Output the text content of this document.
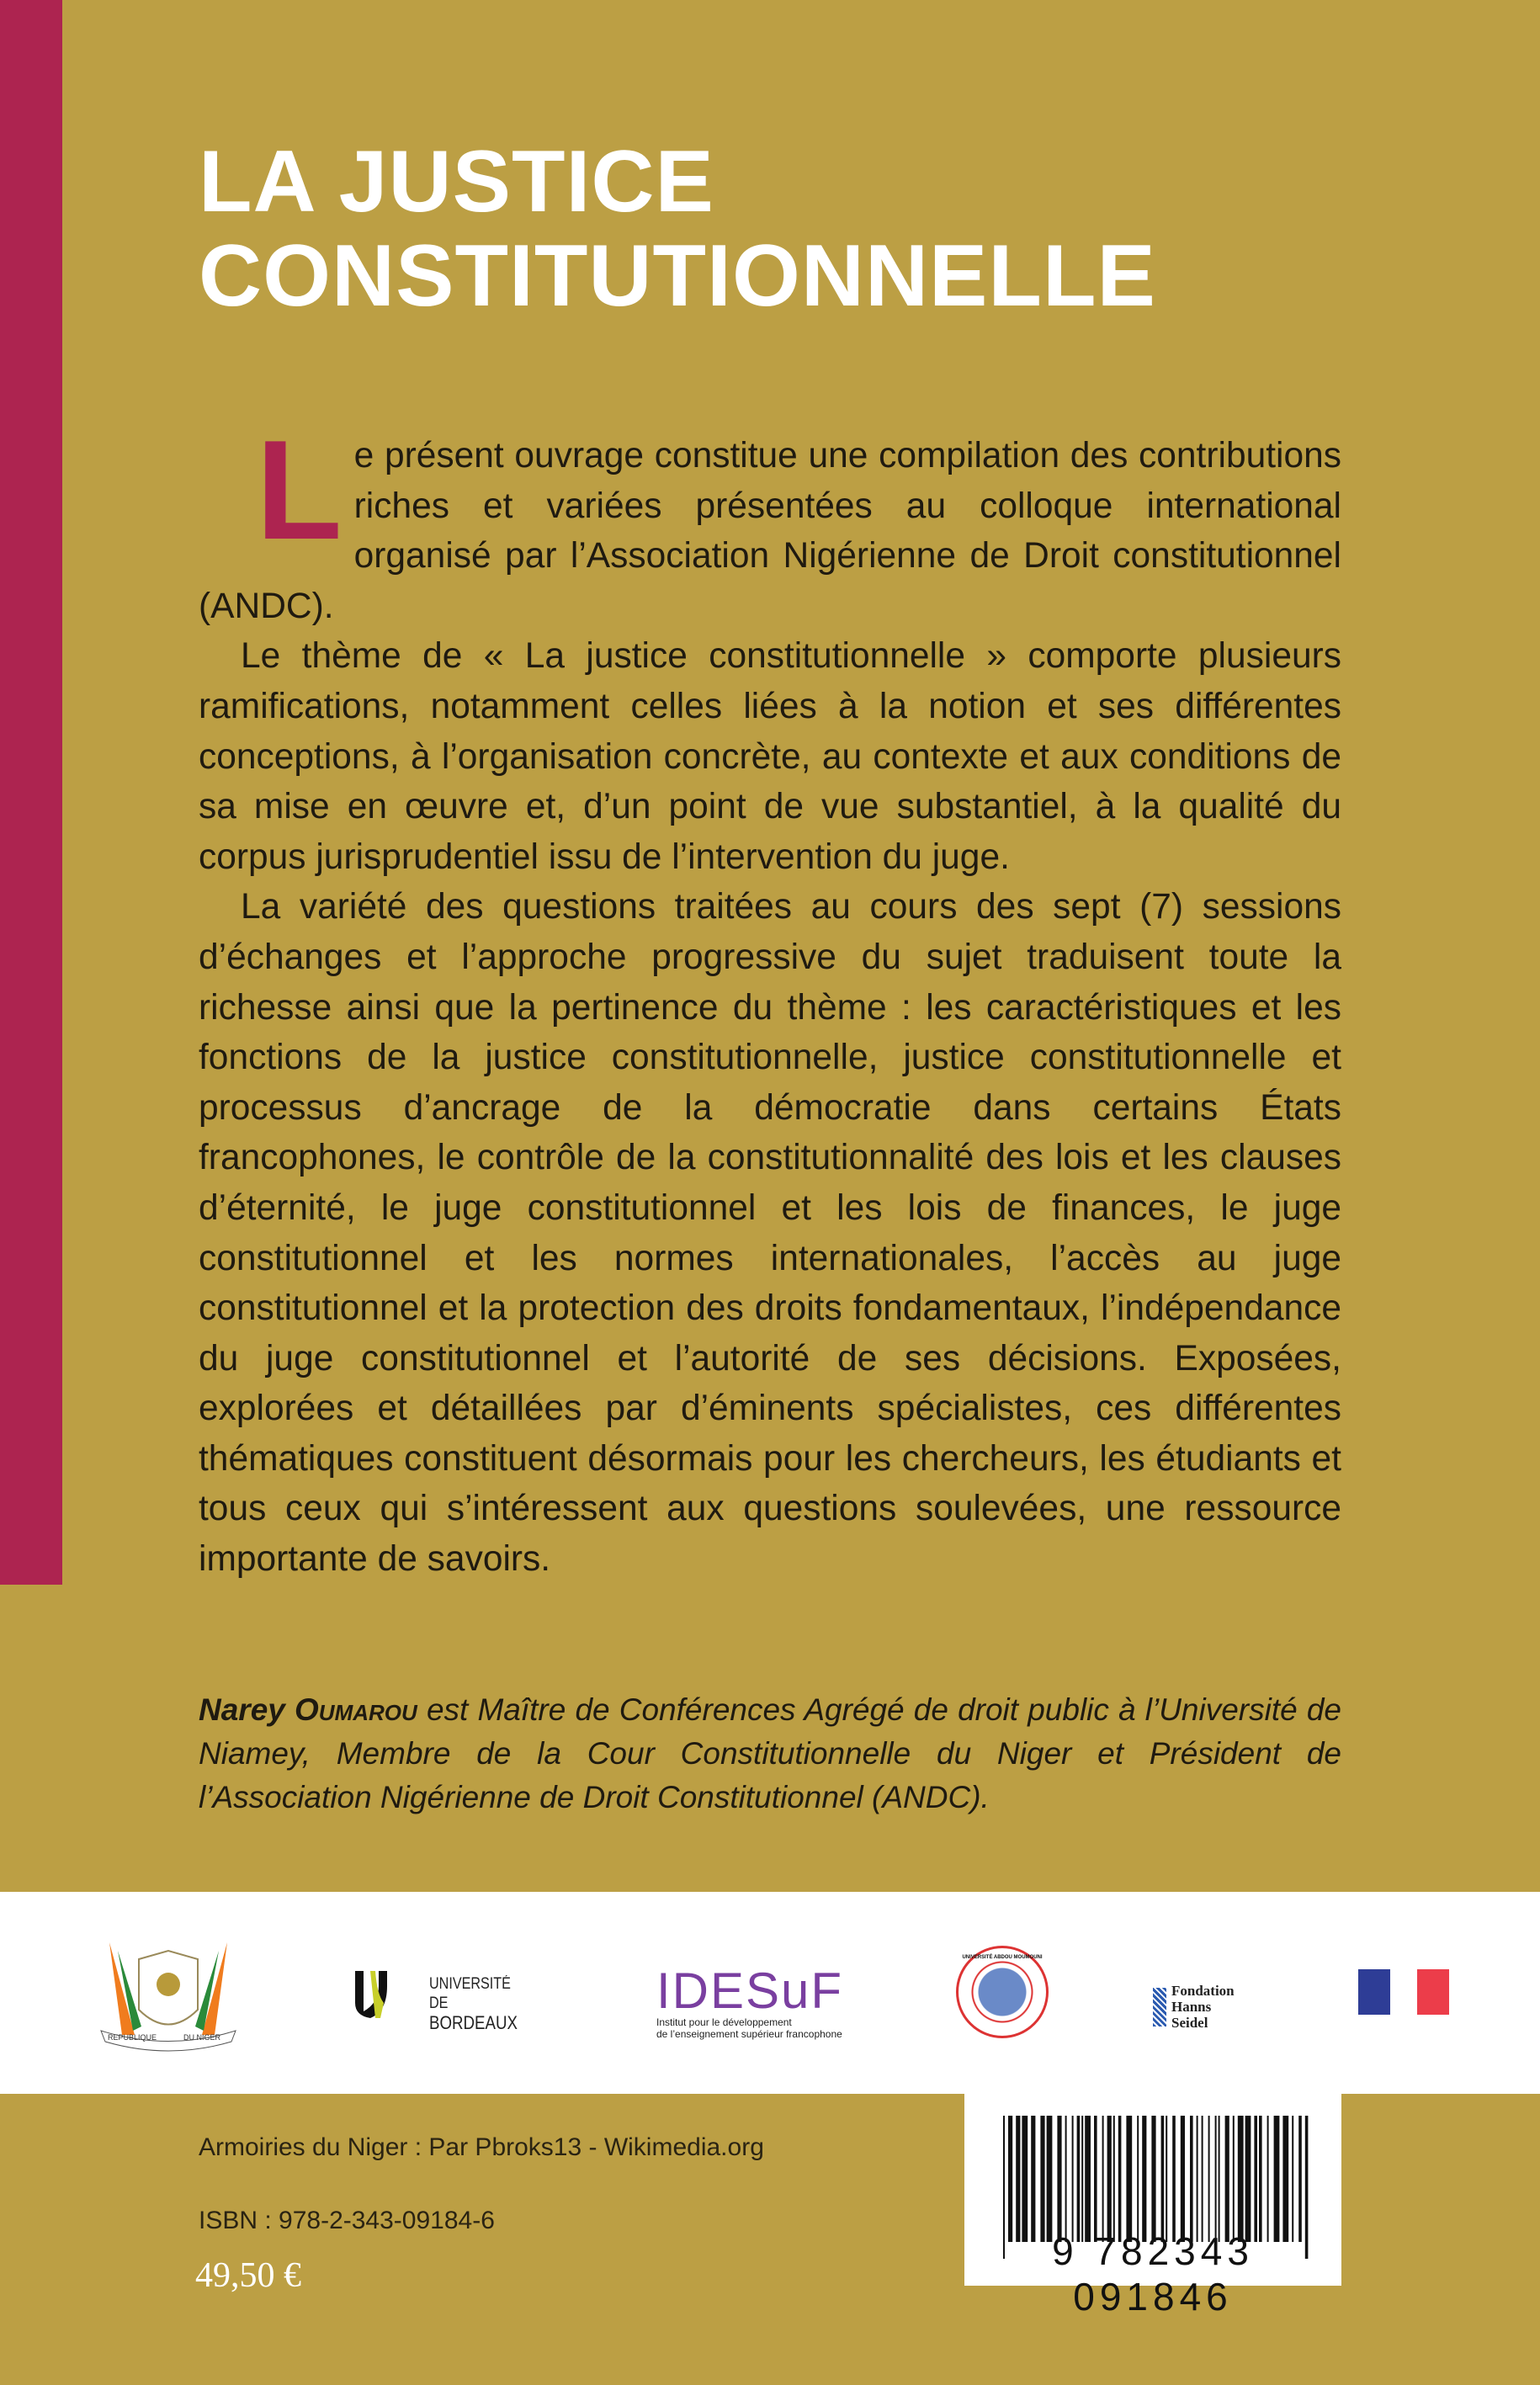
LA JUSTICE
CONSTITUTIONNELLE

Le présent ouvrage constitue une compilation des contributions riches et variées présentées au colloque international organisé par l’Association Nigérienne de Droit constitutionnel (ANDC).

Le thème de « La justice constitutionnelle » comporte plusieurs ramifications, notamment celles liées à la notion et ses différentes conceptions, à l’organisation concrète, au contexte et aux conditions de sa mise en œuvre et, d’un point de vue substantiel, à la qualité du corpus jurisprudentiel issu de l’intervention du juge.

La variété des questions traitées au cours des sept (7) sessions d’échanges et l’approche progressive du sujet traduisent toute la richesse ainsi que la pertinence du thème : les caractéristiques et les fonctions de la justice constitutionnelle, justice constitutionnelle et processus d’ancrage de la démocratie dans certains États francophones, le contrôle de la constitutionnalité des lois et les clauses d’éternité, le juge constitutionnel et les lois de finances, le juge constitutionnel et les normes internationales, l’accès au juge constitutionnel et la protection des droits fondamentaux, l’indépendance du juge constitutionnel et l’autorité de ses décisions. Exposées, explorées et détaillées par d’éminents spécialistes, ces différentes thématiques constituent désormais pour les chercheurs, les étudiants et tous ceux qui s’intéressent aux questions soulevées, une ressource importante de savoirs.

Narey Oumarou est Maître de Conférences Agrégé de droit public à l’Université de Niamey, Membre de la Cour Constitutionnelle du Niger et Président de l’Association Nigérienne de Droit Constitutionnel (ANDC).
REPUBLIQUE	DU NIGER
UNIVERSITÉ DE
BORDEAUX
IDESuF
Institut pour le développement
de l’enseignement supérieur francophone
UNIVERSITÉ ABDOU MOUMOUNI
Fondation
Hanns
Seidel
Armoiries du Niger : Par Pbroks13 - Wikimedia.org
ISBN : 978-2-343-09184-6
49,50 €
9 782343 091846
